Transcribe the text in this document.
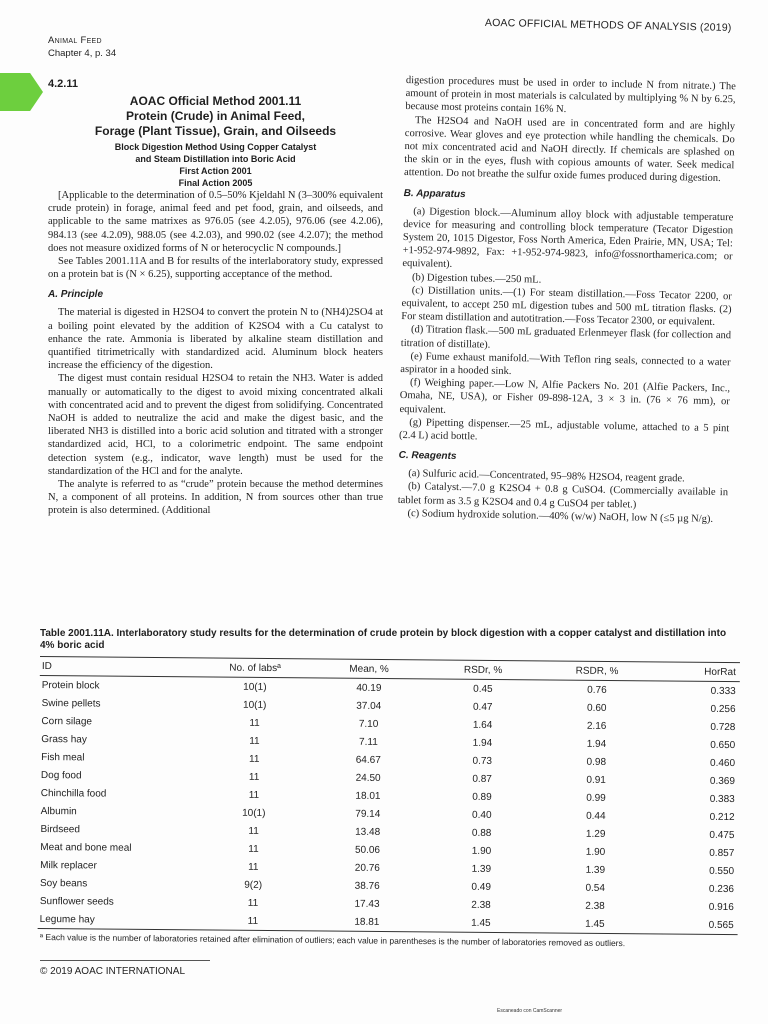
Animal Feed
Chapter 4, p. 34
AOAC OFFICIAL METHODS OF ANALYSIS (2019)
4.2.11
AOAC Official Method 2001.11
Protein (Crude) in Animal Feed,
Forage (Plant Tissue), Grain, and Oilseeds
Block Digestion Method Using Copper Catalyst
and Steam Distillation into Boric Acid
First Action 2001
Final Action 2005

[Applicable to the determination of 0.5–50% Kjeldahl N (3–300% equivalent crude protein) in forage, animal feed and pet food, grain, and oilseeds, and applicable to the same matrixes as 976.05 (see 4.2.05), 976.06 (see 4.2.06), 984.13 (see 4.2.09), 988.05 (see 4.2.03), and 990.02 (see 4.2.07); the method does not measure oxidized forms of N or heterocyclic N compounds.]

See Tables 2001.11A and B for results of the interlaboratory study, expressed on a protein bat is (N × 6.25), supporting acceptance of the method.

A. Principle

The material is digested in H2SO4 to convert the protein N to (NH4)2SO4 at a boiling point elevated by the addition of K2SO4 with a Cu catalyst to enhance the rate. Ammonia is liberated by alkaline steam distillation and quantified titrimetrically with standardized acid. Aluminum block heaters increase the efficiency of the digestion.

The digest must contain residual H2SO4 to retain the NH3. Water is added manually or automatically to the digest to avoid mixing concentrated alkali with concentrated acid and to prevent the digest from solidifying. Concentrated NaOH is added to neutralize the acid and make the digest basic, and the liberated NH3 is distilled into a boric acid solution and titrated with a stronger standardized acid, HCl, to a colorimetric endpoint. The same endpoint detection system (e.g., indicator, wave length) must be used for the standardization of the HCl and for the analyte.

The analyte is referred to as “crude” protein because the method determines N, a component of all proteins. In addition, N from sources other than true protein is also determined. (Additional

digestion procedures must be used in order to include N from nitrate.) The amount of protein in most materials is calculated by multiplying % N by 6.25, because most proteins contain 16% N.

The H2SO4 and NaOH used are in concentrated form and are highly corrosive. Wear gloves and eye protection while handling the chemicals. Do not mix concentrated acid and NaOH directly. If chemicals are splashed on the skin or in the eyes, flush with copious amounts of water. Seek medical attention. Do not breathe the sulfur oxide fumes produced during digestion.

B. Apparatus

(a) Digestion block.—Aluminum alloy block with adjustable temperature device for measuring and controlling block temperature (Tecator Digestion System 20, 1015 Digestor, Foss North America, Eden Prairie, MN, USA; Tel: +1-952-974-9892, Fax: +1-952-974-9823, info@fossnorthamerica.com; or equivalent).

(b) Digestion tubes.—250 mL.

(c) Distillation units.—(1) For steam distillation.—Foss Tecator 2200, or equivalent, to accept 250 mL digestion tubes and 500 mL titration flasks. (2) For steam distillation and autotitration.—Foss Tecator 2300, or equivalent.

(d) Titration flask.—500 mL graduated Erlenmeyer flask (for collection and titration of distillate).

(e) Fume exhaust manifold.—With Teflon ring seals, connected to a water aspirator in a hooded sink.

(f) Weighing paper.—Low N, Alfie Packers No. 201 (Alfie Packers, Inc., Omaha, NE, USA), or Fisher 09-898-12A, 3 × 3 in. (76 × 76 mm), or equivalent.

(g) Pipetting dispenser.—25 mL, adjustable volume, attached to a 5 pint (2.4 L) acid bottle.

C. Reagents

(a) Sulfuric acid.—Concentrated, 95–98% H2SO4, reagent grade.

(b) Catalyst.—7.0 g K2SO4 + 0.8 g CuSO4. (Commercially available in tablet form as 3.5 g K2SO4 and 0.4 g CuSO4 per tablet.)

(c) Sodium hydroxide solution.—40% (w/w) NaOH, low N (≤5 µg N/g).

Table 2001.11A. Interlaboratory study results for the determination of crude protein by block digestion with a copper catalyst and distillation into 4% boric acid
ID	No. of labsª	Mean, %	RSDr, %	RSDR, %	HorRat
Protein block	10(1)	40.19	0.45	0.76	0.333
Swine pellets	10(1)	37.04	0.47	0.60	0.256
Corn silage	11	7.10	1.64	2.16	0.728
Grass hay	11	7.11	1.94	1.94	0.650
Fish meal	11	64.67	0.73	0.98	0.460
Dog food	11	24.50	0.87	0.91	0.369
Chinchilla food	11	18.01	0.89	0.99	0.383
Albumin	10(1)	79.14	0.40	0.44	0.212
Birdseed	11	13.48	0.88	1.29	0.475
Meat and bone meal	11	50.06	1.90	1.90	0.857
Milk replacer	11	20.76	1.39	1.39	0.550
Soy beans	9(2)	38.76	0.49	0.54	0.236
Sunflower seeds	11	17.43	2.38	2.38	0.916
Legume hay	11	18.81	1.45	1.45	0.565
ª Each value is the number of laboratories retained after elimination of outliers; each value in parentheses is the number of laboratories removed as outliers.
© 2019 AOAC INTERNATIONAL
Escaneado con CamScanner
